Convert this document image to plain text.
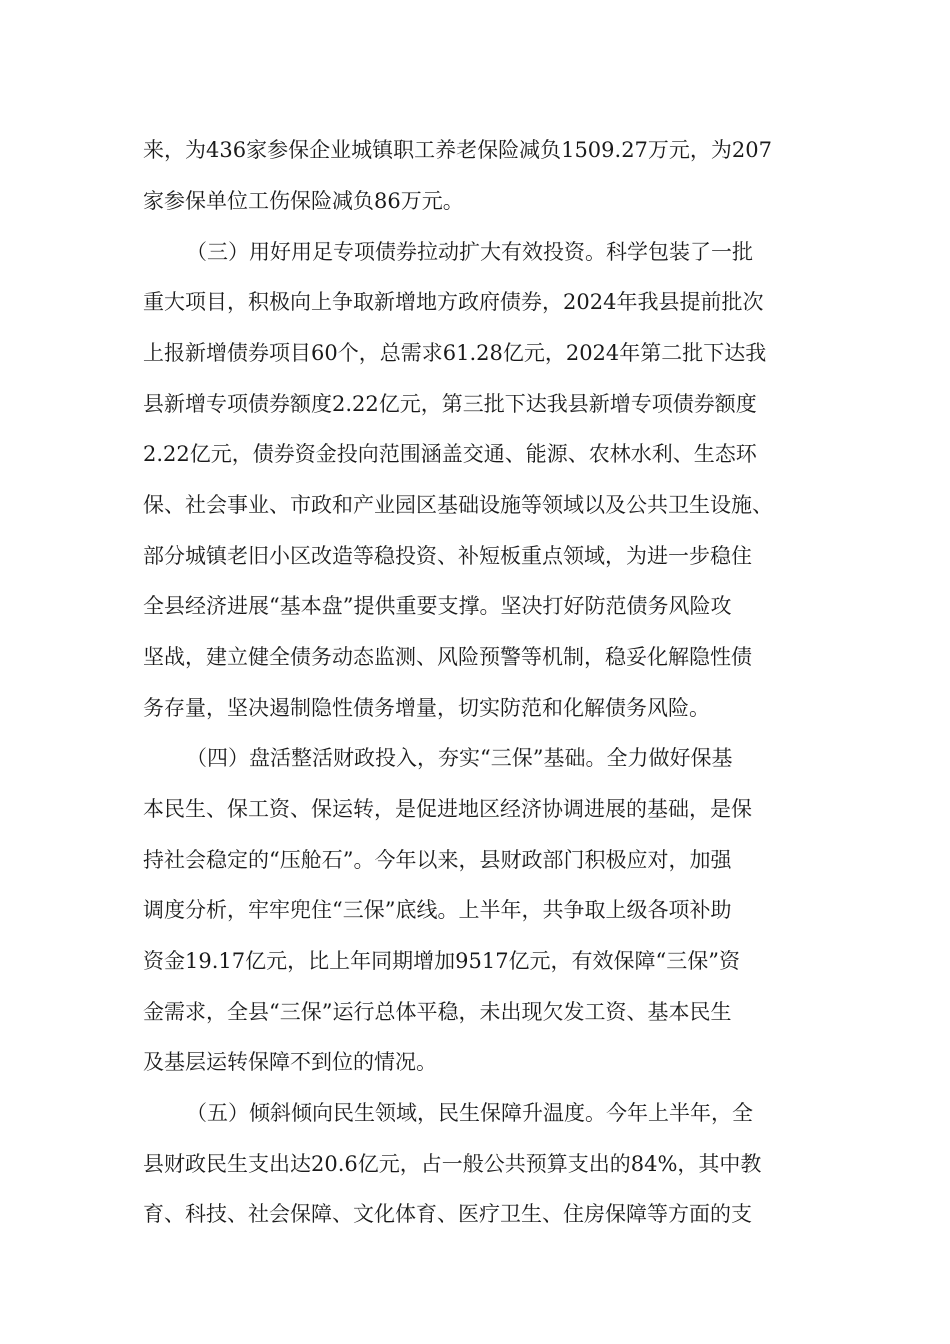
来，为436家参保企业城镇职工养老保险减负1509.27万元，为207
家参保单位工伤保险减负86万元。
（三）用好用足专项债券拉动扩大有效投资。科学包装了一批
重大项目，积极向上争取新增地方政府债券，2024年我县提前批次
上报新增债券项目60个，总需求61.28亿元，2024年第二批下达我
县新增专项债券额度2.22亿元，第三批下达我县新增专项债券额度
2.22亿元，债券资金投向范围涵盖交通、能源、农林水利、生态环
保、社会事业、市政和产业园区基础设施等领域以及公共卫生设施、
部分城镇老旧小区改造等稳投资、补短板重点领域，为进一步稳住
全县经济进展“基本盘”提供重要支撑。坚决打好防范债务风险攻
坚战，建立健全债务动态监测、风险预警等机制，稳妥化解隐性债
务存量，坚决遏制隐性债务增量，切实防范和化解债务风险。
（四）盘活整活财政投入，夯实“三保”基础。全力做好保基
本民生、保工资、保运转，是促进地区经济协调进展的基础，是保
持社会稳定的“压舱石”。今年以来，县财政部门积极应对，加强
调度分析，牢牢兜住“三保”底线。上半年，共争取上级各项补助
资金19.17亿元，比上年同期增加9517亿元，有效保障“三保”资
金需求，全县“三保”运行总体平稳，未出现欠发工资、基本民生
及基层运转保障不到位的情况。
（五）倾斜倾向民生领域，民生保障升温度。今年上半年，全
县财政民生支出达20.6亿元，占一般公共预算支出的84%，其中教
育、科技、社会保障、文化体育、医疗卫生、住房保障等方面的支
